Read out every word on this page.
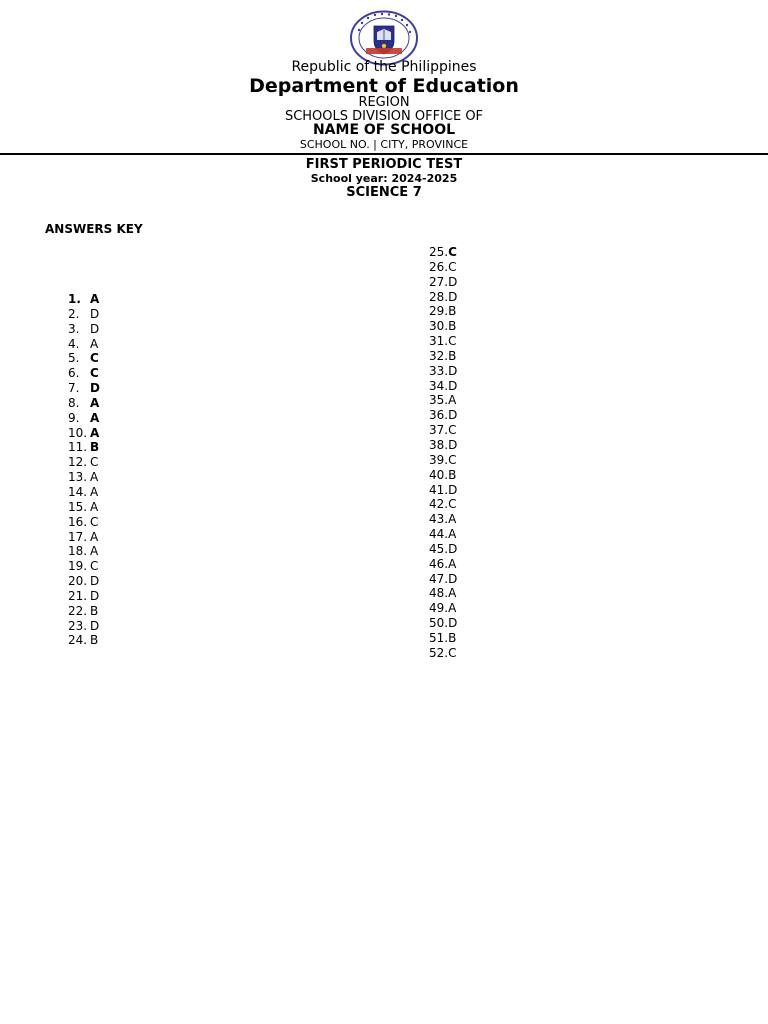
Republic of the Philippines
Department of Education
REGION
SCHOOLS DIVISION OFFICE OF
NAME OF SCHOOL
SCHOOL NO. | CITY, PROVINCE
FIRST PERIODIC TEST
School year: 2024-2025
SCIENCE 7
ANSWERS KEY
1. A
2. D
3. D
4. A
5. C
6. C
7. D
8. A
9. A
10. A
11. B
12. C
13. A
14. A
15. A
16. C
17. A
18. A
19. C
20. D
21. D
22. B
23. D
24. B
25.C
26.C
27.D
28.D
29.B
30.B
31.C
32.B
33.D
34.D
35.A
36.D
37.C
38.D
39.C
40.B
41.D
42.C
43.A
44.A
45.D
46.A
47.D
48.A
49.A
50.D
51.B
52.C
